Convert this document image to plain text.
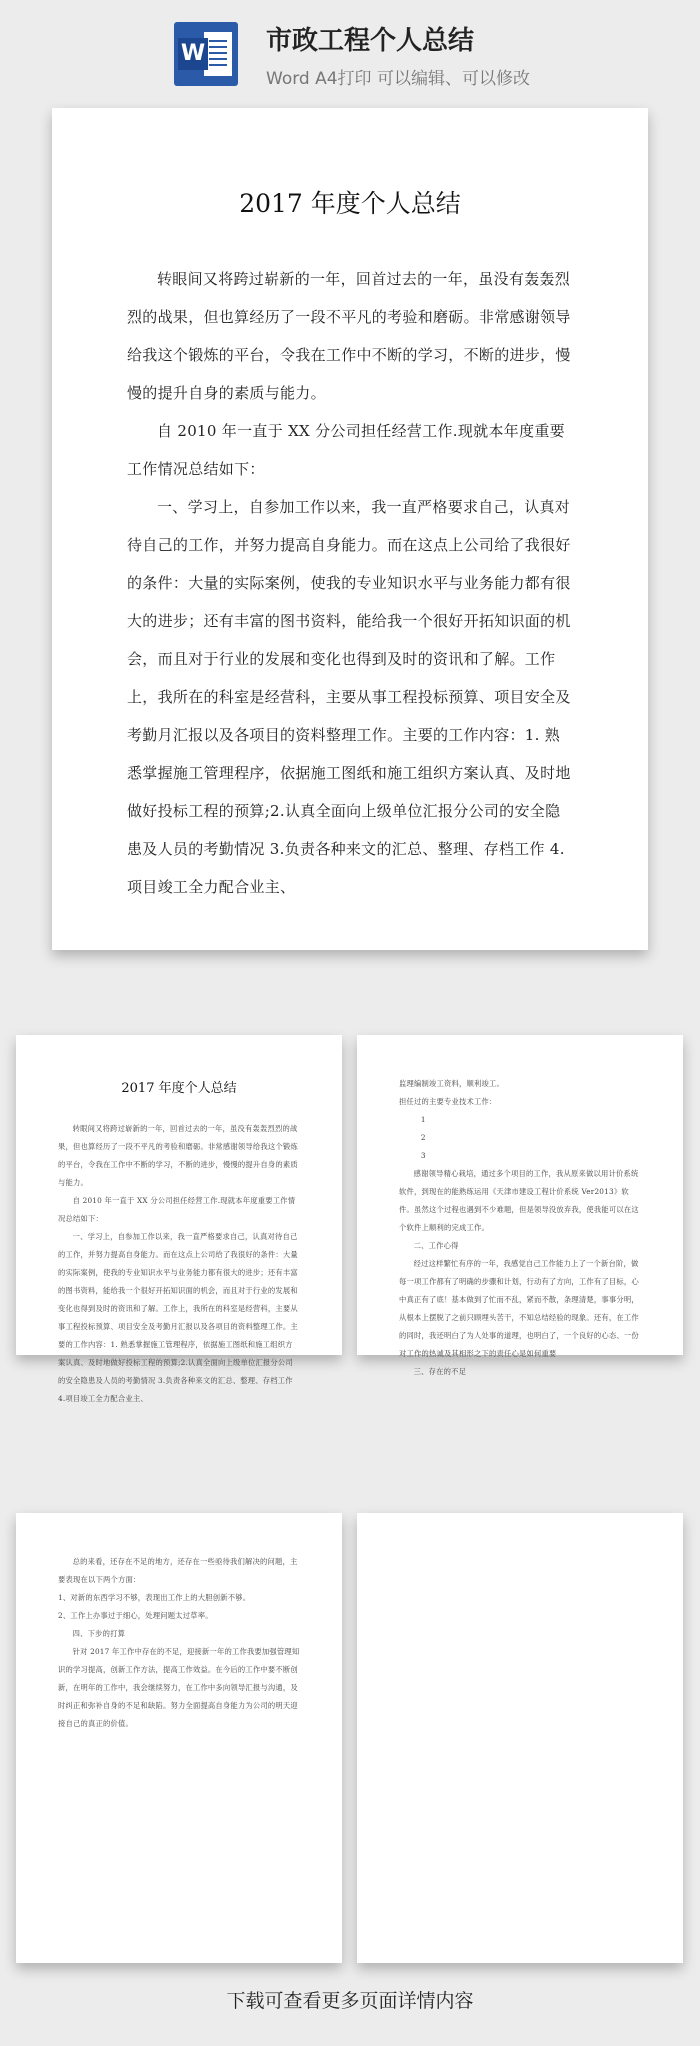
W 市政工程个人总结
Word A4打印 可以编辑、可以修改
2017 年度个人总结

转眼间又将跨过崭新的一年，回首过去的一年，虽没有轰轰烈烈的战果，但也算经历了一段不平凡的考验和磨砺。非常感谢领导给我这个锻炼的平台，令我在工作中不断的学习，不断的进步，慢慢的提升自身的素质与能力。

自 2010 年一直于 XX 分公司担任经营工作.现就本年度重要工作情况总结如下：

一、学习上，自参加工作以来，我一直严格要求自己，认真对待自己的工作，并努力提高自身能力。而在这点上公司给了我很好的条件：大量的实际案例，使我的专业知识水平与业务能力都有很大的进步；还有丰富的图书资料，能给我一个很好开拓知识面的机会，而且对于行业的发展和变化也得到及时的资讯和了解。工作上，我所在的科室是经营科，主要从事工程投标预算、项目安全及考勤月汇报以及各项目的资料整理工作。主要的工作内容：1. 熟悉掌握施工管理程序，依据施工图纸和施工组织方案认真、及时地做好投标工程的预算;2.认真全面向上级单位汇报分公司的安全隐患及人员的考勤情况 3.负责各种来文的汇总、整理、存档工作 4.项目竣工全力配合业主、

2017 年度个人总结

转眼间又将跨过崭新的一年，回首过去的一年，虽没有轰轰烈烈的战果，但也算经历了一段不平凡的考验和磨砺。非常感谢领导给我这个锻炼的平台，令我在工作中不断的学习，不断的进步，慢慢的提升自身的素质与能力。

自 2010 年一直于 XX 分公司担任经营工作.现就本年度重要工作情况总结如下：

一、学习上，自参加工作以来，我一直严格要求自己，认真对待自己的工作，并努力提高自身能力。而在这点上公司给了我很好的条件：大量的实际案例，使我的专业知识水平与业务能力都有很大的进步；还有丰富的图书资料，能给我一个很好开拓知识面的机会，而且对于行业的发展和变化也得到及时的资讯和了解。工作上，我所在的科室是经营科，主要从事工程投标预算、项目安全及考勤月汇报以及各项目的资料整理工作。主要的工作内容：1. 熟悉掌握施工管理程序，依据施工图纸和施工组织方案认真、及时地做好投标工程的预算;2.认真全面向上级单位汇报分公司的安全隐患及人员的考勤情况 3.负责各种来文的汇总、整理、存档工作 4.项目竣工全力配合业主、

监理编制竣工资料，顺利竣工。

担任过的主要专业技术工作：

1

2

3

感谢领导精心栽培，通过多个项目的工作，我从原来做以用计价系统软件，到现在的能熟练运用《天津市建设工程计价系统 Ver2013》软件。虽然这个过程也遇到不少难题，但是领导没放弃我，使我能可以在这个软件上顺利的完成工作。

二、工作心得

经过这样繁忙有序的一年，我感觉自己工作能力上了一个新台阶，做每一项工作都有了明确的步骤和计划，行动有了方向，工作有了目标，心中真正有了底！基本做到了忙而不乱，紧而不散，条理清楚，事事分明，从根本上摆脱了之前只顾埋头苦干，不知总结经验的现象。还有，在工作的同时，我还明白了为人处事的道理，也明白了，一个良好的心态、一份对工作的热诚及其相形之下的责任心是如何重要

三、存在的不足

总的来看，还存在不足的地方，还存在一些亟待我们解决的问题，主要表现在以下两个方面：

1、对新的东西学习不够，表现出工作上的大胆创新不够。

2、工作上办事过于细心，处理问题太过草率。

四、下步的打算

针对 2017 年工作中存在的不足，迎接新一年的工作我要加强管理知识的学习提高，创新工作方法，提高工作效益。在今后的工作中要不断创新，在明年的工作中，我会继续努力，在工作中多向领导汇报与沟通，及时纠正和弥补自身的不足和缺陷。努力全面提高自身能力为公司的明天迎接自己的真正的价值。

下载可查看更多页面详情内容
